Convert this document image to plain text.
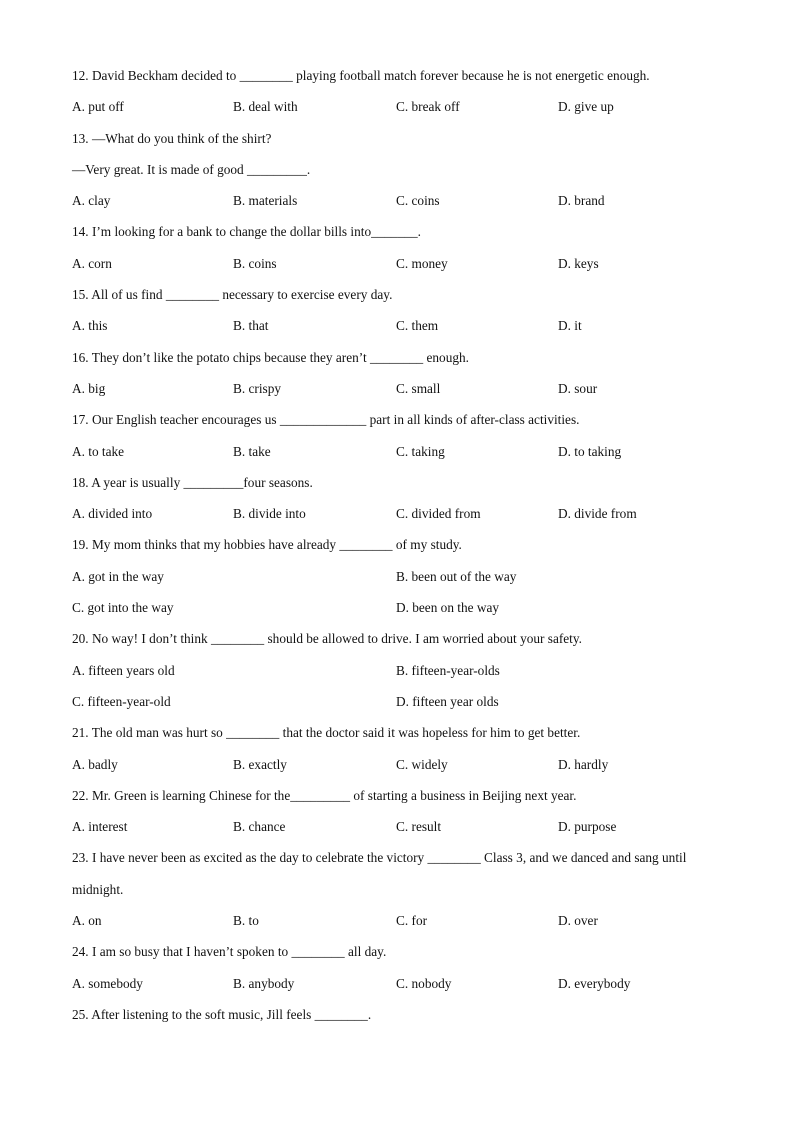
12. David Beckham decided to ________ playing football match forever because he is not energetic enough.
A. put off	B. deal with	C. break off	D. give up
13. —What do you think of the shirt?
—Very great. It is made of good _________.
A. clay	B. materials	C. coins	D. brand
14. I’m looking for a bank to change the dollar bills into_______.
A. corn	B. coins	C. money	D. keys
15. All of us find ________ necessary to exercise every day.
A. this	B. that	C. them	D. it
16. They don’t like the potato chips because they aren’t ________ enough.
A. big	B. crispy	C. small	D. sour
17. Our English teacher encourages us _____________ part in all kinds of after-class activities.
A. to take	B. take	C. taking	D. to taking
18. A year is usually _________four seasons.
A. divided into	B. divide into	C. divided from	D. divide from
19. My mom thinks that my hobbies have already ________ of my study.
A. got in the way	B. been out of the way
C. got into the way	D. been on the way
20. No way! I don’t think ________ should be allowed to drive. I am worried about your safety.
A. fifteen years old	B. fifteen-year-olds
C. fifteen-year-old	D. fifteen year olds
21. The old man was hurt so ________ that the doctor said it was hopeless for him to get better.
A. badly	B. exactly	C. widely	D. hardly
22. Mr. Green is learning Chinese for the_________ of starting a business in Beijing next year.
A. interest	B. chance	C. result	D. purpose
23. I have never been as excited as the day to celebrate the victory ________ Class 3, and we danced and sang until midnight.
A. on	B. to	C. for	D. over
24. I am so busy that I haven’t spoken to ________ all day.
A. somebody	B. anybody	C. nobody	D. everybody
25. After listening to the soft music, Jill feels ________.
